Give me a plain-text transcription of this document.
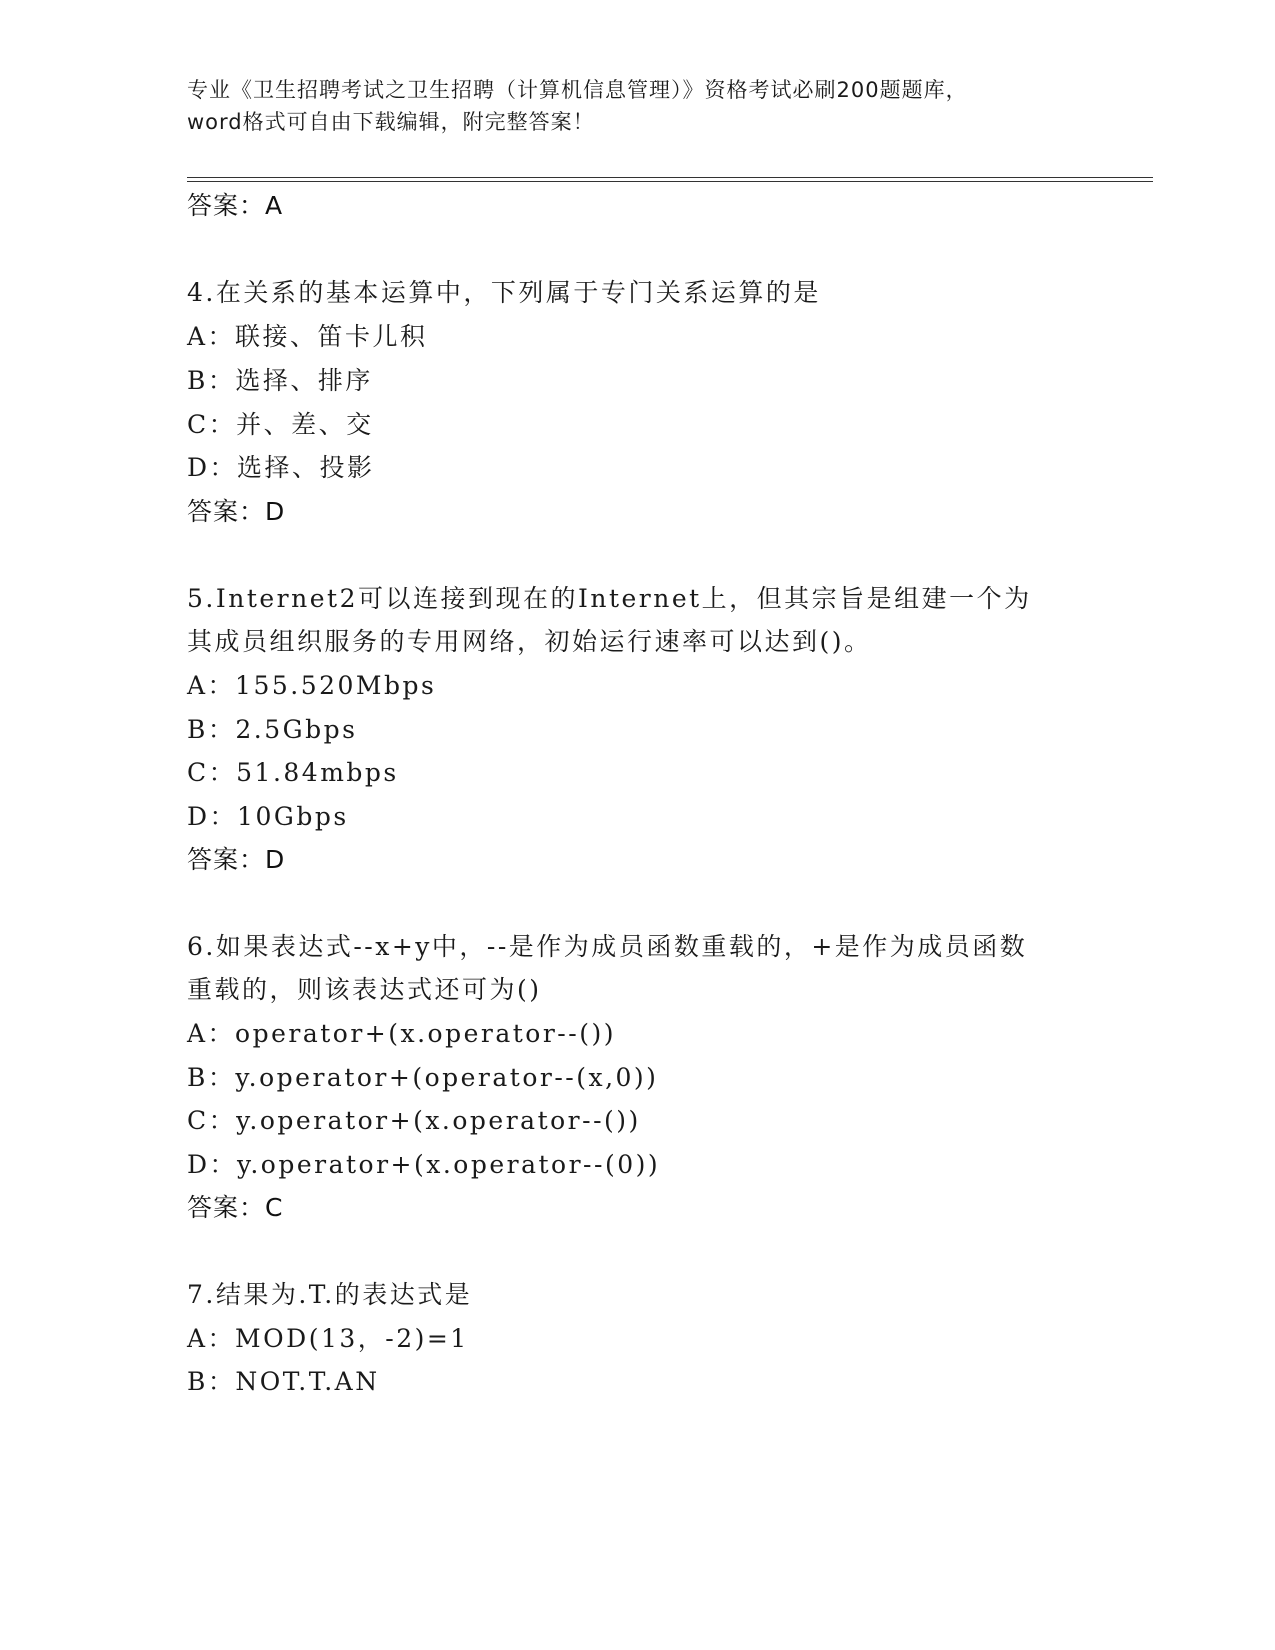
专业《卫生招聘考试之卫生招聘（计算机信息管理）》资格考试必刷200题题库，
word格式可自由下载编辑，附完整答案！
答案：A
4.在关系的基本运算中，下列属于专门关系运算的是
A：联接、笛卡儿积
B：选择、排序
C：并、差、交
D：选择、投影
答案：D
5.Internet2可以连接到现在的Internet上，但其宗旨是组建一个为
其成员组织服务的专用网络，初始运行速率可以达到()。
A：155.520Mbps
B：2.5Gbps
C：51.84mbps
D：10Gbps
答案：D
6.如果表达式--x+y中，--是作为成员函数重载的，+是作为成员函数
重载的，则该表达式还可为()
A：operator+(x.operator--())
B：y.operator+(operator--(x,0))
C：y.operator+(x.operator--())
D：y.operator+(x.operator--(0))
答案：C
7.结果为.T.的表达式是
A：MOD(13，-2)=1
B：NOT.T.AN
